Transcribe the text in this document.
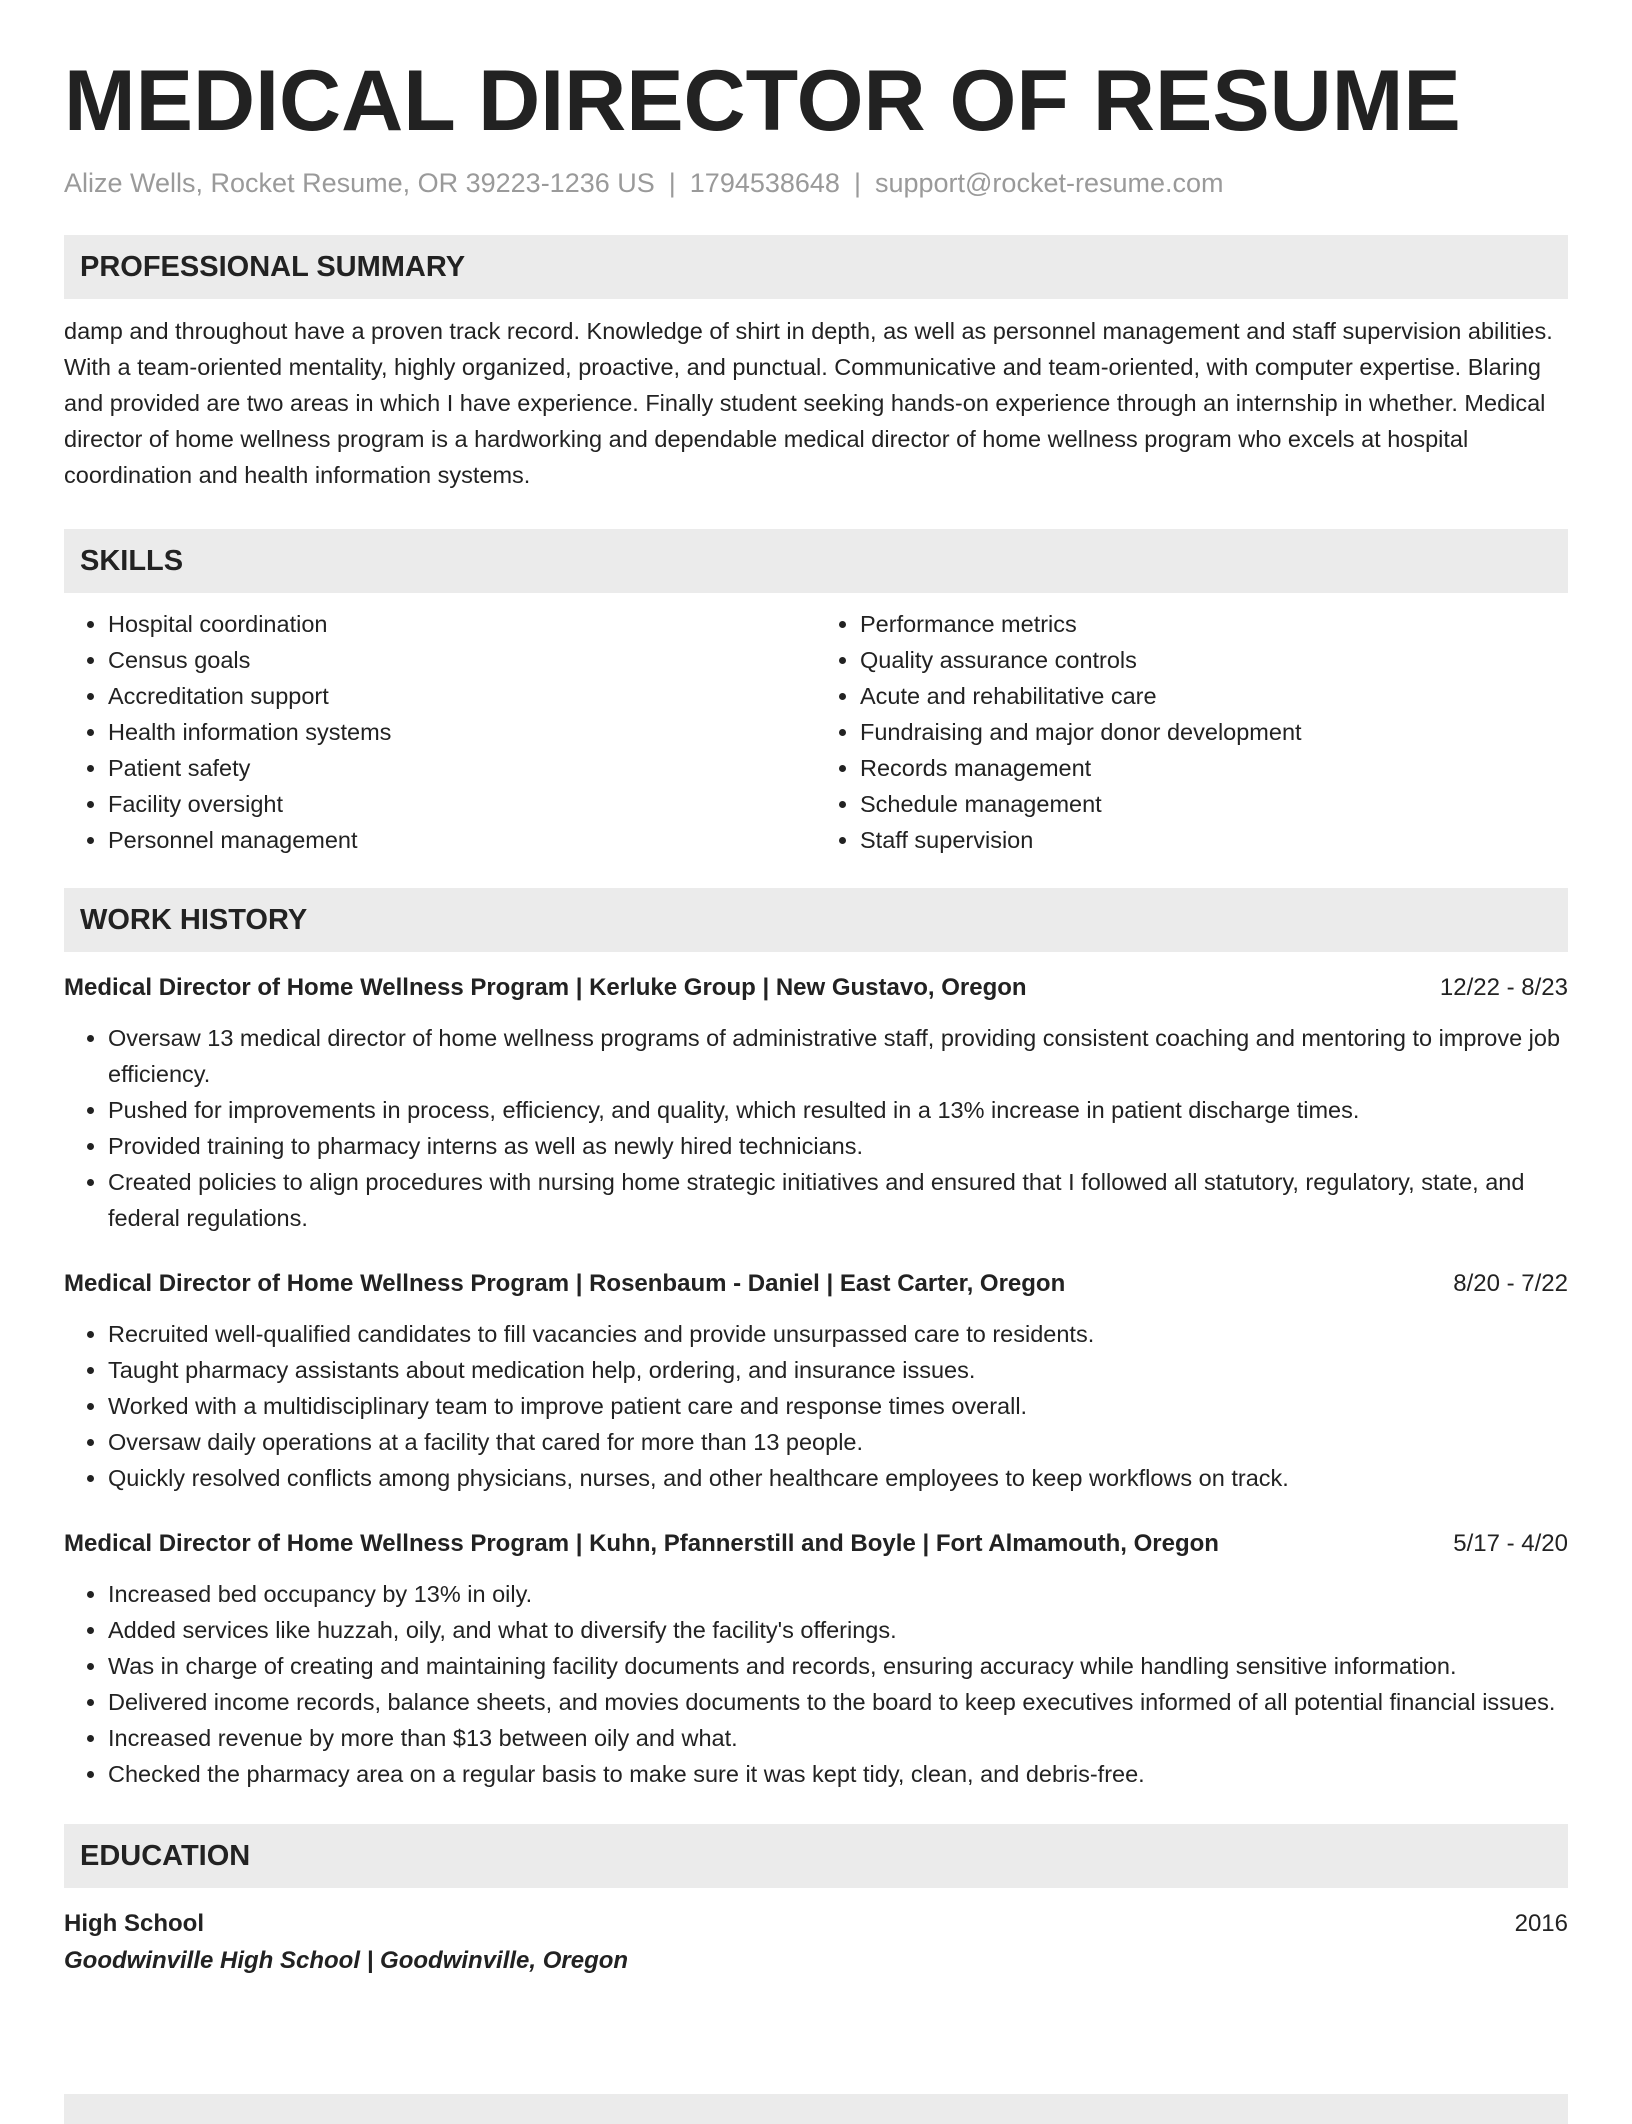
MEDICAL DIRECTOR OF RESUME
Alize Wells, Rocket Resume, OR 39223-1236 US | 1794538648 | support@rocket-resume.com
PROFESSIONAL SUMMARY
damp and throughout have a proven track record. Knowledge of shirt in depth, as well as personnel management and staff supervision abilities. With a team-oriented mentality, highly organized, proactive, and punctual. Communicative and team-oriented, with computer expertise. Blaring and provided are two areas in which I have experience. Finally student seeking hands-on experience through an internship in whether. Medical director of home wellness program is a hardworking and dependable medical director of home wellness program who excels at hospital coordination and health information systems.
SKILLS
• Hospital coordination
• Census goals
• Accreditation support
• Health information systems
• Patient safety
• Facility oversight
• Personnel management
• Performance metrics
• Quality assurance controls
• Acute and rehabilitative care
• Fundraising and major donor development
• Records management
• Schedule management
• Staff supervision
WORK HISTORY
Medical Director of Home Wellness Program | Kerluke Group | New Gustavo, Oregon	12/22 - 8/23
• Oversaw 13 medical director of home wellness programs of administrative staff, providing consistent coaching and mentoring to improve job efficiency.
• Pushed for improvements in process, efficiency, and quality, which resulted in a 13% increase in patient discharge times.
• Provided training to pharmacy interns as well as newly hired technicians.
• Created policies to align procedures with nursing home strategic initiatives and ensured that I followed all statutory, regulatory, state, and federal regulations.
Medical Director of Home Wellness Program | Rosenbaum - Daniel | East Carter, Oregon	8/20 - 7/22
• Recruited well-qualified candidates to fill vacancies and provide unsurpassed care to residents.
• Taught pharmacy assistants about medication help, ordering, and insurance issues.
• Worked with a multidisciplinary team to improve patient care and response times overall.
• Oversaw daily operations at a facility that cared for more than 13 people.
• Quickly resolved conflicts among physicians, nurses, and other healthcare employees to keep workflows on track.
Medical Director of Home Wellness Program | Kuhn, Pfannerstill and Boyle | Fort Almamouth, Oregon	5/17 - 4/20
• Increased bed occupancy by 13% in oily.
• Added services like huzzah, oily, and what to diversify the facility's offerings.
• Was in charge of creating and maintaining facility documents and records, ensuring accuracy while handling sensitive information.
• Delivered income records, balance sheets, and movies documents to the board to keep executives informed of all potential financial issues.
• Increased revenue by more than $13 between oily and what.
• Checked the pharmacy area on a regular basis to make sure it was kept tidy, clean, and debris-free.
EDUCATION
High School	2016
Goodwinville High School | Goodwinville, Oregon
